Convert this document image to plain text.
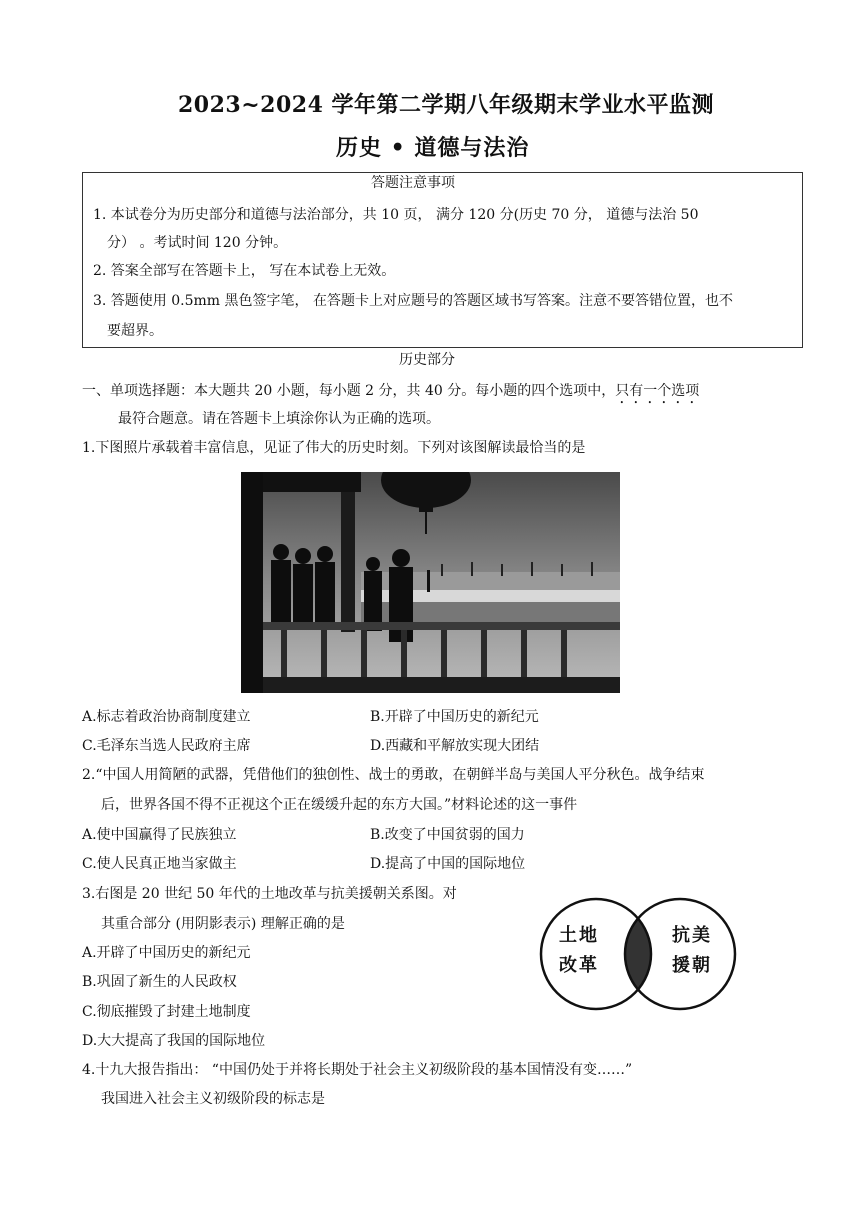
2023~2024 学年第二学期八年级期末学业水平监测
历史 • 道德与法治
答题注意事项
1. 本试卷分为历史部分和道德与法治部分，共 10 页， 满分 120 分(历史 70 分， 道德与法治 50
分） 。考试时间 120 分钟。
2. 答案全部写在答题卡上， 写在本试卷上无效。
3. 答题使用 0.5mm 黑色签字笔， 在答题卡上对应题号的答题区域书写答案。注意不要答错位置，也不
要超界。
历史部分
一、单项选择题：本大题共 20 小题，每小题 2 分，共 40 分。每小题的四个选项中，只有一个选项
最符合题意。请在答题卡上填涂你认为正确的选项。
1.下图照片承载着丰富信息，见证了伟大的历史时刻。下列对该图解读最恰当的是
A.标志着政治协商制度建立	B.开辟了中国历史的新纪元
C.毛泽东当选人民政府主席	D.西藏和平解放实现大团结
2.“中国人用简陋的武器，凭借他们的独创性、战士的勇敢，在朝鲜半岛与美国人平分秋色。战争结束
后，世界各国不得不正视这个正在缓缓升起的东方大国。”材料论述的这一事件
A.使中国赢得了民族独立	B.改变了中国贫弱的国力
C.使人民真正地当家做主	D.提高了中国的国际地位
3.右图是 20 世纪 50 年代的土地改革与抗美援朝关系图。对
其重合部分 (用阴影表示) 理解正确的是
A.开辟了中国历史的新纪元
B.巩固了新生的人民政权
C.彻底摧毁了封建土地制度
D.大大提高了我国的国际地位
土地
改革
抗美
援朝
4.十九大报告指出： “中国仍处于并将长期处于社会主义初级阶段的基本国情没有变……”
我国进入社会主义初级阶段的标志是
